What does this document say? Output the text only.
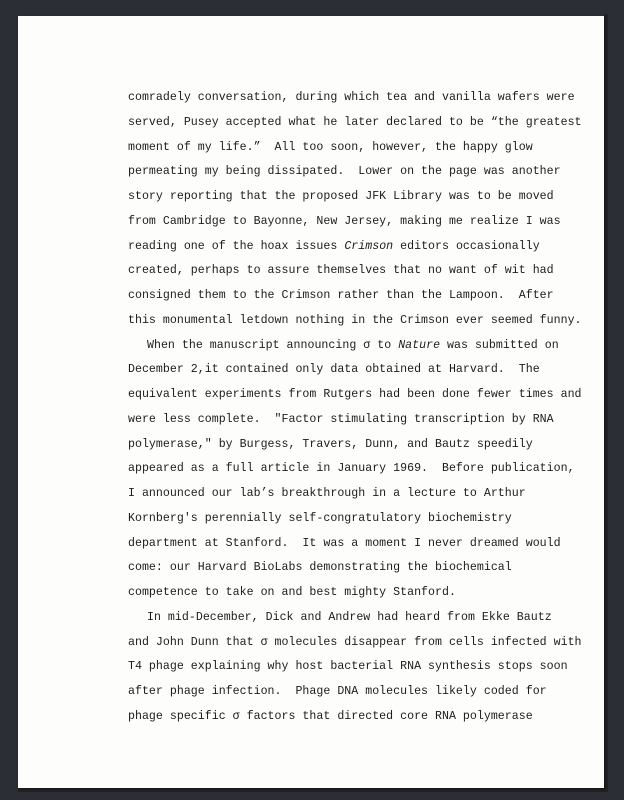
comradely conversation, during which tea and vanilla wafers were
served, Pusey accepted what he later declared to be “the greatest
moment of my life.”  All too soon, however, the happy glow
permeating my being dissipated.  Lower on the page was another
story reporting that the proposed JFK Library was to be moved
from Cambridge to Bayonne, New Jersey, making me realize I was
reading one of the hoax issues Crimson editors occasionally
created, perhaps to assure themselves that no want of wit had
consigned them to the Crimson rather than the Lampoon.  After
this monumental letdown nothing in the Crimson ever seemed funny.
When the manuscript announcing σ to Nature was submitted on
December 2,it contained only data obtained at Harvard.  The
equivalent experiments from Rutgers had been done fewer times and
were less complete.  "Factor stimulating transcription by RNA
polymerase," by Burgess, Travers, Dunn, and Bautz speedily
appeared as a full article in January 1969.  Before publication,
I announced our lab’s breakthrough in a lecture to Arthur
Kornberg's perennially self-congratulatory biochemistry
department at Stanford.  It was a moment I never dreamed would
come: our Harvard BioLabs demonstrating the biochemical
competence to take on and best mighty Stanford.
In mid-December, Dick and Andrew had heard from Ekke Bautz
and John Dunn that σ molecules disappear from cells infected with
T4 phage explaining why host bacterial RNA synthesis stops soon
after phage infection.  Phage DNA molecules likely coded for
phage specific σ factors that directed core RNA polymerase
